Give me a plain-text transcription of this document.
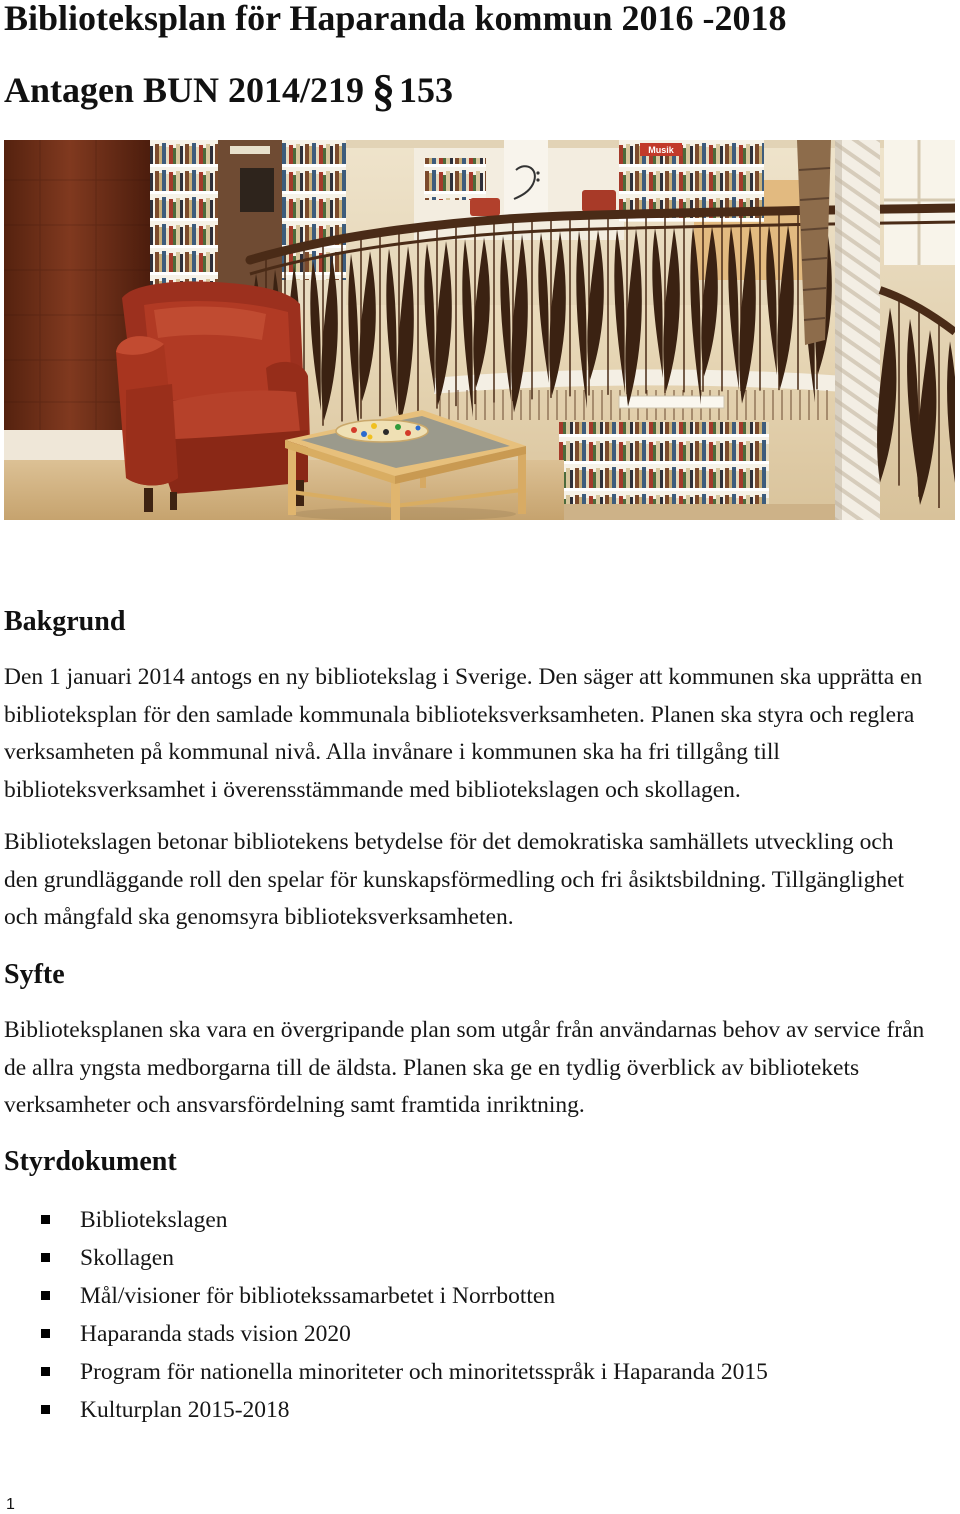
Biblioteksplan för Haparanda kommun 2016 -2018
Antagen BUN 2014/219 § 153
Musik
Bakgrund
Den 1 januari 2014 antogs en ny bibliotekslag i Sverige. Den säger att kommunen ska upprätta en
biblioteksplan för den samlade kommunala biblioteksverksamheten. Planen ska styra och reglera
verksamheten på kommunal nivå. Alla invånare i kommunen ska ha fri tillgång till
biblioteksverksamhet i överensstämmande med bibliotekslagen och skollagen.
Bibliotekslagen betonar bibliotekens betydelse för det demokratiska samhällets utveckling och
den grundläggande roll den spelar för kunskapsförmedling och fri åsiktsbildning. Tillgänglighet
och mångfald ska genomsyra biblioteksverksamheten.
Syfte
Biblioteksplanen ska vara en övergripande plan som utgår från användarnas behov av service från
de allra yngsta medborgarna till de äldsta. Planen ska ge en tydlig överblick av bibliotekets
verksamheter och ansvarsfördelning samt framtida inriktning.
Styrdokument
Bibliotekslagen
Skollagen
Mål/visioner för bibliotekssamarbetet i Norrbotten
Haparanda stads vision 2020
Program för nationella minoriteter och minoritetsspråk i Haparanda 2015
Kulturplan 2015-2018
1
